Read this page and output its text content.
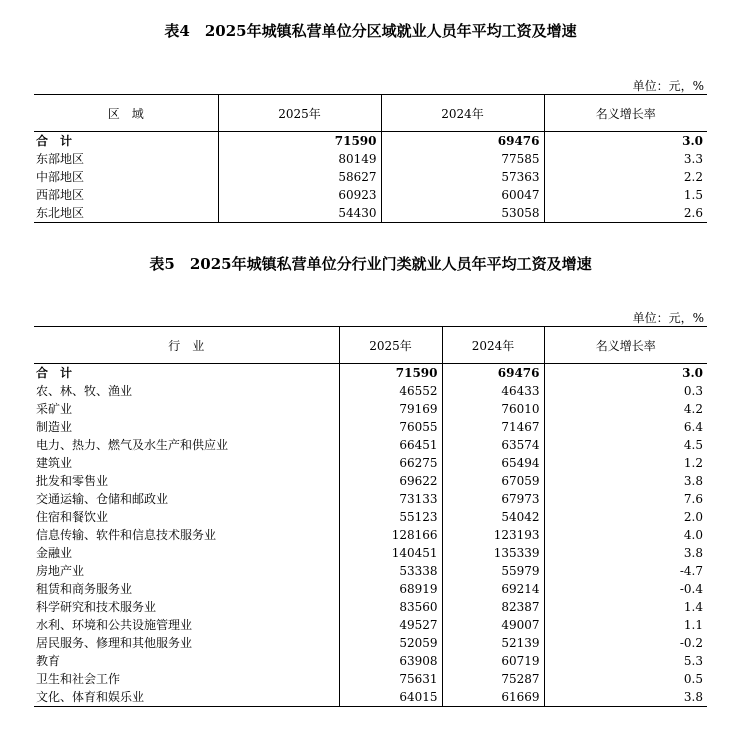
表4　2025年城镇私营单位分区域就业人员年平均工资及增速
单位：元，%
区　域	2025年	2024年	名义增长率
合　计	71590	69476	3.0
东部地区	80149	77585	3.3
中部地区	58627	57363	2.2
西部地区	60923	60047	1.5
东北地区	54430	53058	2.6
表5　2025年城镇私营单位分行业门类就业人员年平均工资及增速
单位：元，%
行　业	2025年	2024年	名义增长率
合　计	71590	69476	3.0
农、林、牧、渔业	46552	46433	0.3
采矿业	79169	76010	4.2
制造业	76055	71467	6.4
电力、热力、燃气及水生产和供应业	66451	63574	4.5
建筑业	66275	65494	1.2
批发和零售业	69622	67059	3.8
交通运输、仓储和邮政业	73133	67973	7.6
住宿和餐饮业	55123	54042	2.0
信息传输、软件和信息技术服务业	128166	123193	4.0
金融业	140451	135339	3.8
房地产业	53338	55979	-4.7
租赁和商务服务业	68919	69214	-0.4
科学研究和技术服务业	83560	82387	1.4
水利、环境和公共设施管理业	49527	49007	1.1
居民服务、修理和其他服务业	52059	52139	-0.2
教育	63908	60719	5.3
卫生和社会工作	75631	75287	0.5
文化、体育和娱乐业	64015	61669	3.8
